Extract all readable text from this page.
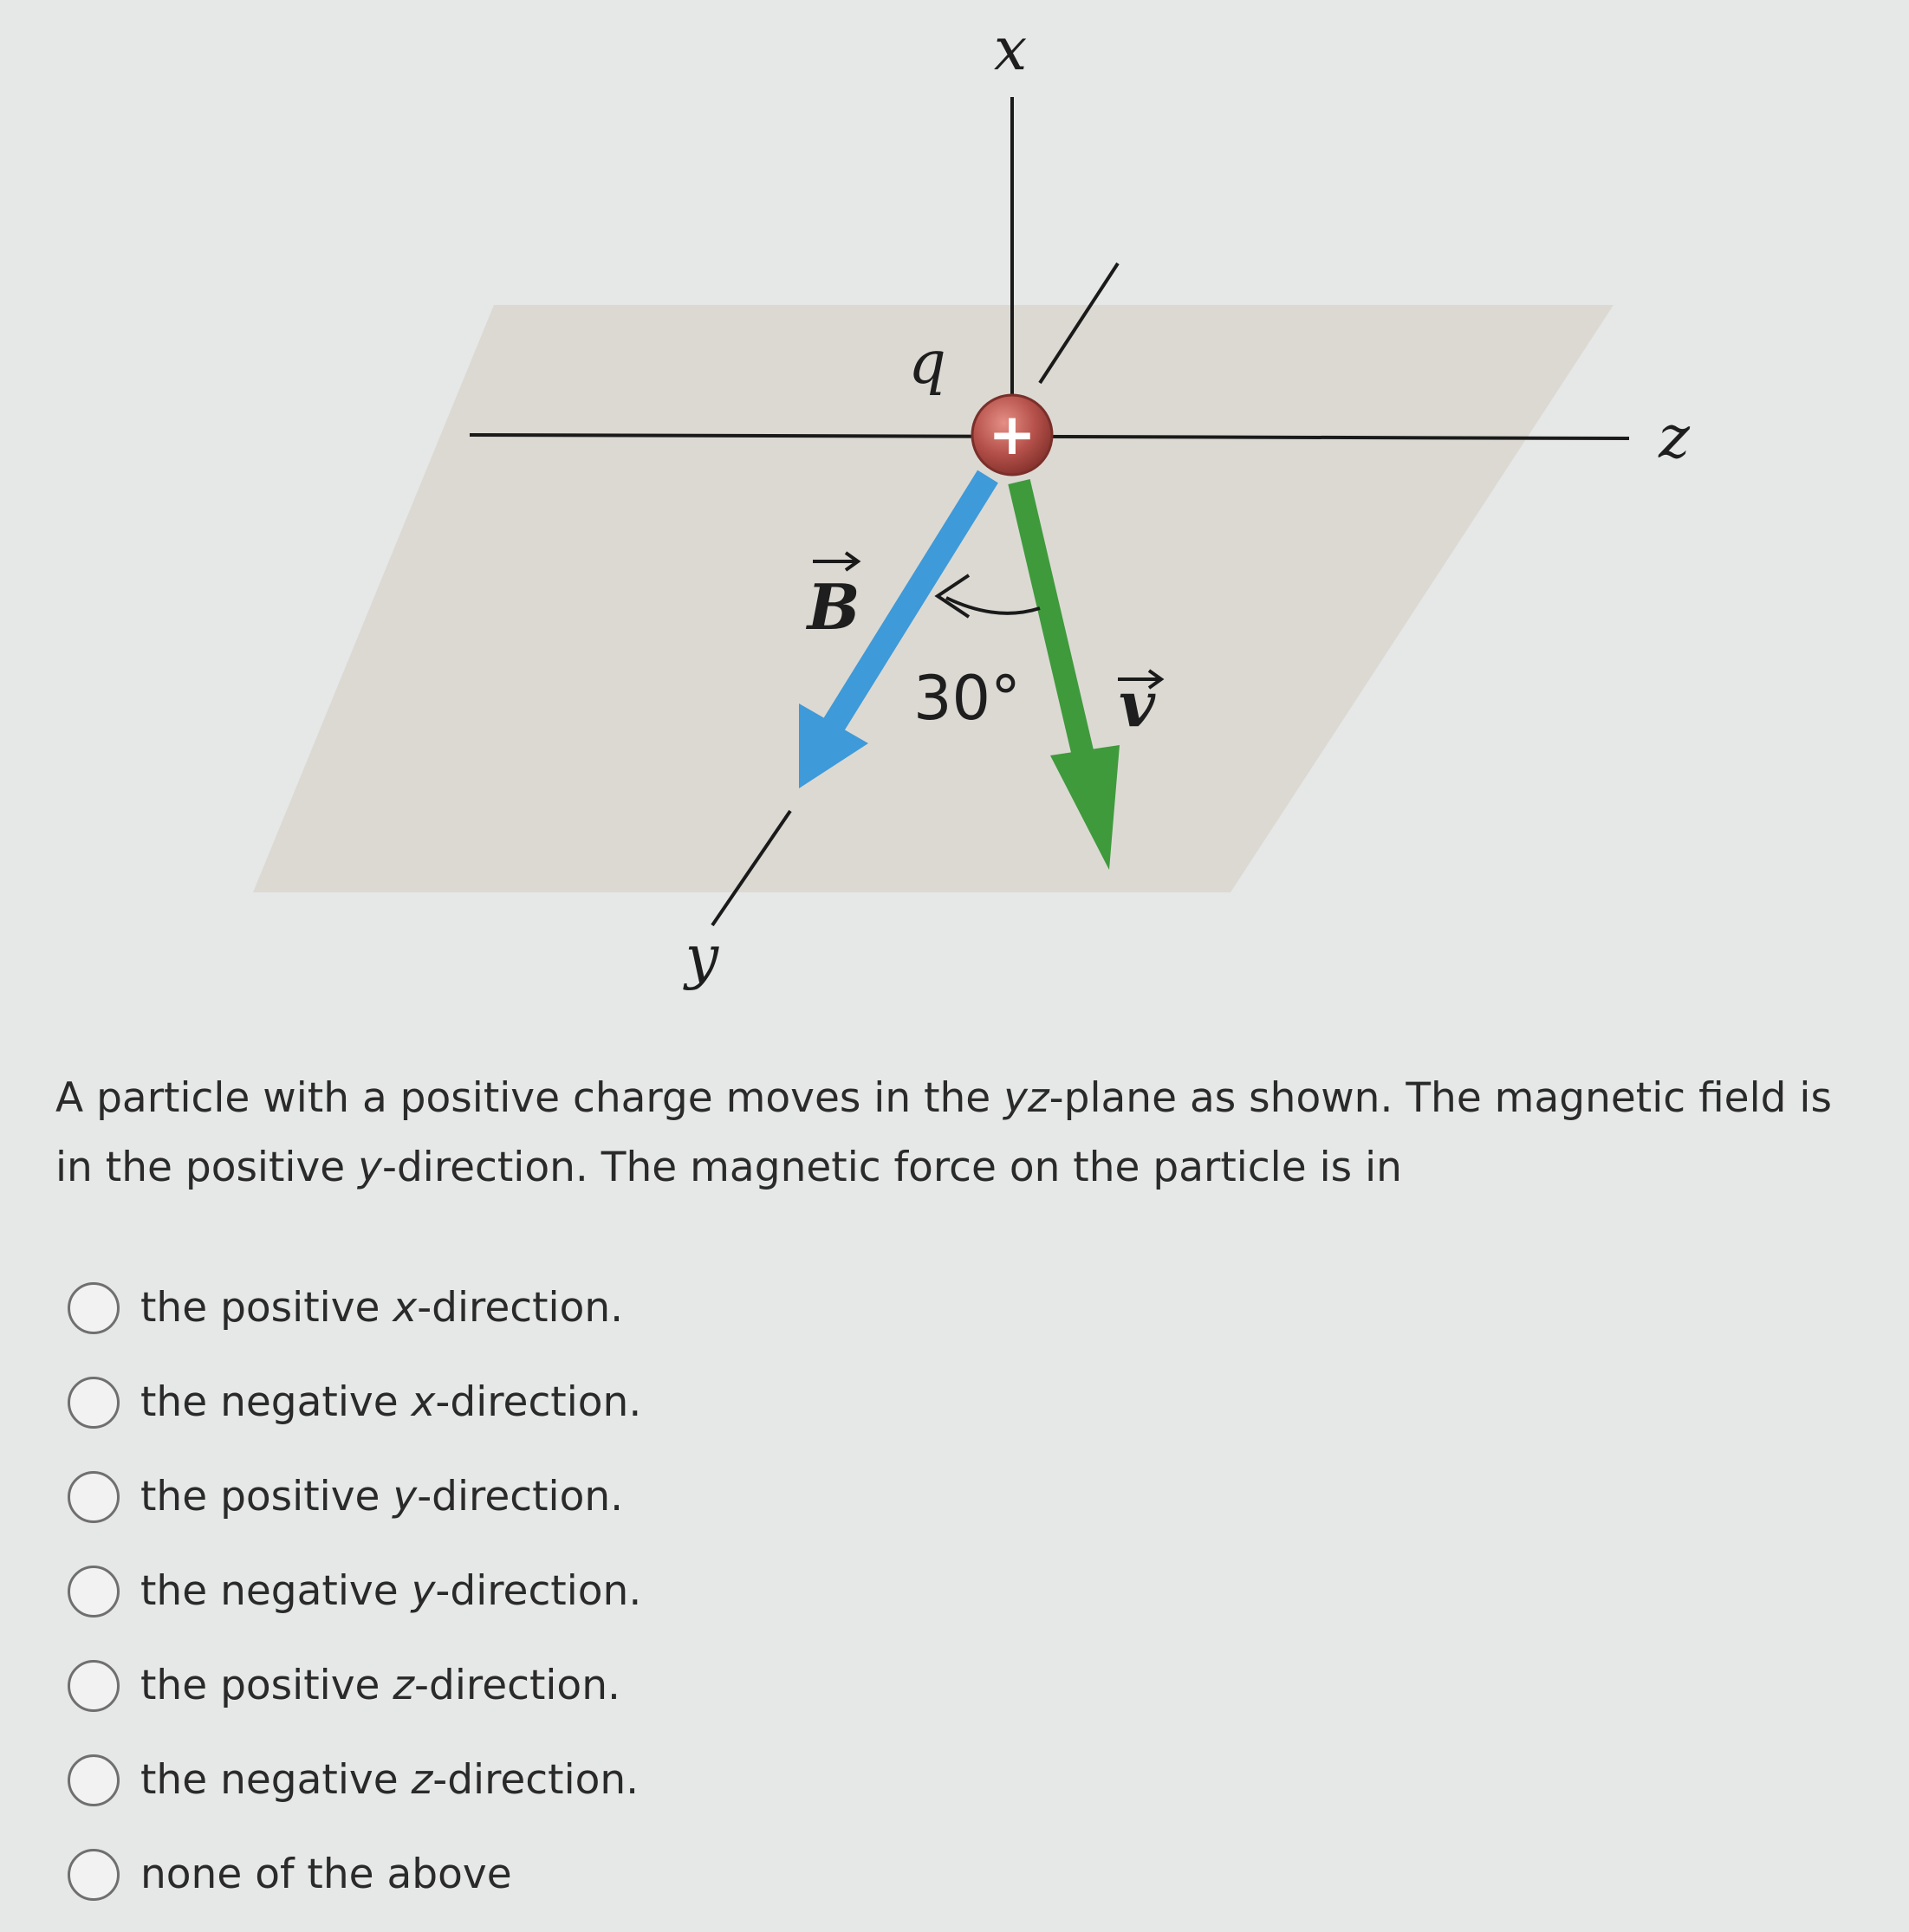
+
x
z
y
q
B
30° v

A particle with a positive charge moves in the yz-plane as shown. The magnetic field is in the positive y-direction. The magnetic force on the particle is in

the positive x-direction.
the negative x-direction.
the positive y-direction.
the negative y-direction.
the positive z-direction.
the negative z-direction.
none of the above
